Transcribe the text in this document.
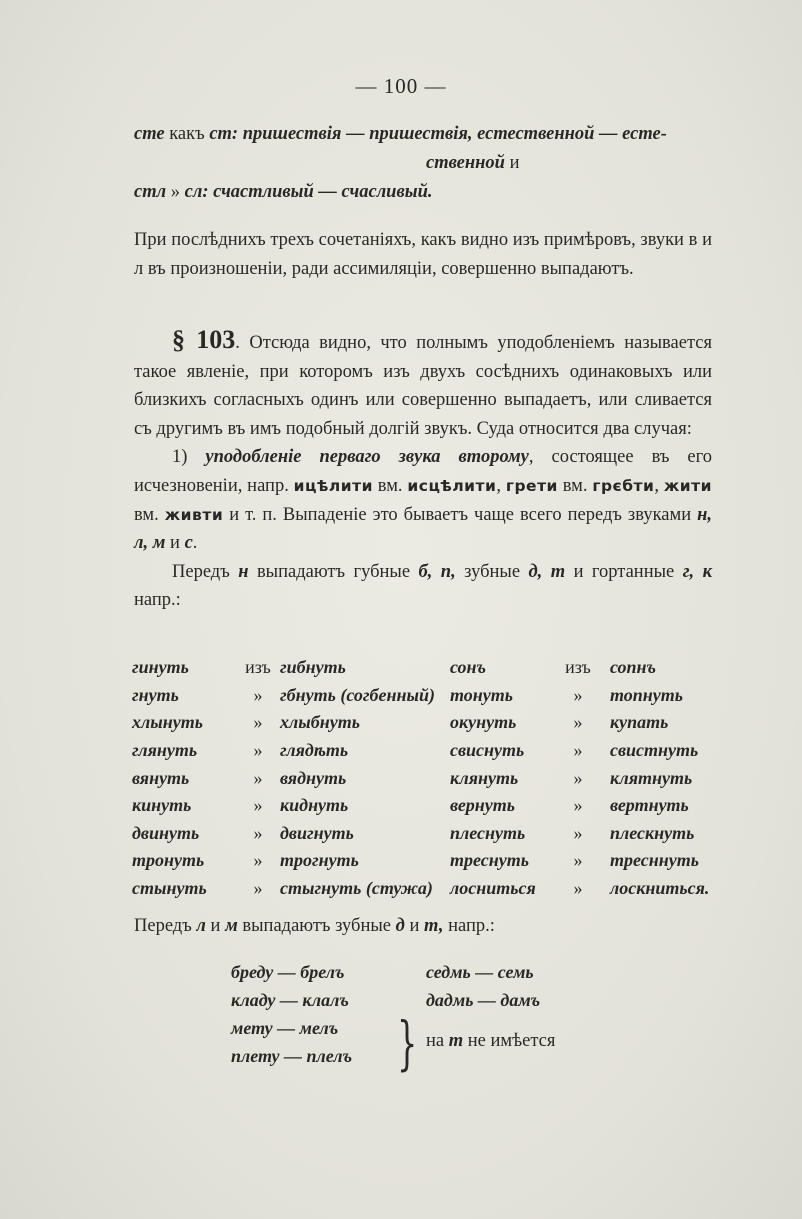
— 100 —
сте какъ ст: пришествія — пришествія, естественной — есте-
ственной и
стл » сл: счастливый — счасливый.

При послѣднихъ трехъ сочетаніяхъ, какъ видно изъ примѣровъ, звуки в и л въ произношеніи, ради ассимиляціи, совершенно выпадаютъ.

§ 103. Отсюда видно, что полнымъ уподобленіемъ называется такое явленіе, при которомъ изъ двухъ сосѣднихъ одинаковыхъ или близкихъ согласныхъ одинъ или совершенно выпадаетъ, или сливается съ другимъ въ имъ подобный долгій звукъ. Суда относится два случая:

1) уподобленіе перваго звука второму, состоящее въ его исчезновеніи, напр. ицѣлити вм. исцѣлити, грети вм. грєбти, жити вм. живти и т. п. Выпаденіе это бываетъ чаще всего передъ звуками н, л, м и с.

Передъ н выпадаютъ губные б, п, зубные д, т и гортанные г, к напр.:

гинуть	изъ	гибнуть	сонъ	изъ	сопнъ
гнуть	»	гбнуть (согбенный)	тонуть	»	топнуть
хлынуть	»	хлыбнуть	окунуть	»	купать
глянуть	»	глядѣть	свиснуть	»	свистнуть
вянуть	»	вяднуть	клянуть	»	клятнуть
кинуть	»	киднуть	вернуть	»	вертнуть
двинуть	»	двигнуть	плеснуть	»	плескнуть
тронуть	»	трогнуть	треснуть	»	тресннуть
стынуть	»	стыгнуть (стужа)	лосниться	»	лоскниться.
Передъ л и м выпадаютъ зубные д и т, напр.:
бреду — брелъ	седмь — семь
кладу — клалъ	дадмь — дамъ
мету — мелъ
плету — плелъ } на т не имѣется
